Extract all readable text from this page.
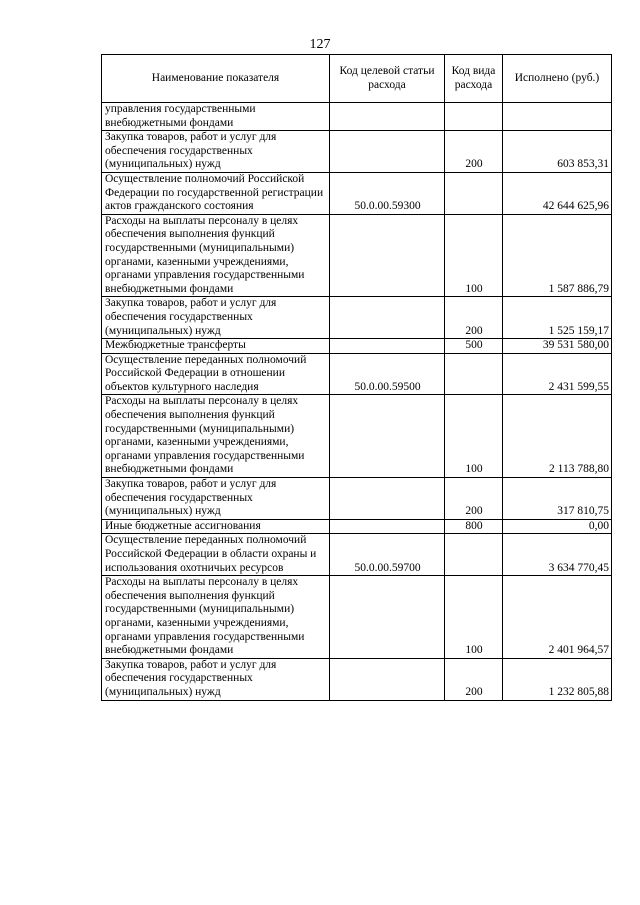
127
Наименование показателя	Код целевой статьи расхода	Код вида расхода	Исполнено (руб.)
управления государственными внебюджетными фондами			
Закупка товаров, работ и услуг для обеспечения государственных (муниципальных) нужд		200	603 853,31
Осуществление полномочий Российской Федерации по государственной регистрации актов гражданского состояния	50.0.00.59300		42 644 625,96
Расходы на выплаты персоналу в целях обеспечения выполнения функций государственными (муниципальными) органами, казенными учреждениями, органами управления государственными внебюджетными фондами		100	1 587 886,79
Закупка товаров, работ и услуг для обеспечения государственных (муниципальных) нужд		200	1 525 159,17
Межбюджетные трансферты		500	39 531 580,00
Осуществление переданных полномочий Российской Федерации в отношении объектов культурного наследия	50.0.00.59500		2 431 599,55
Расходы на выплаты персоналу в целях обеспечения выполнения функций государственными (муниципальными) органами, казенными учреждениями, органами управления государственными внебюджетными фондами		100	2 113 788,80
Закупка товаров, работ и услуг для обеспечения государственных (муниципальных) нужд		200	317 810,75
Иные бюджетные ассигнования		800	0,00
Осуществление переданных полномочий Российской Федерации в области охраны и использования охотничьих ресурсов	50.0.00.59700		3 634 770,45
Расходы на выплаты персоналу в целях обеспечения выполнения функций государственными (муниципальными) органами, казенными учреждениями, органами управления государственными внебюджетными фондами		100	2 401 964,57
Закупка товаров, работ и услуг для обеспечения государственных (муниципальных) нужд		200	1 232 805,88
